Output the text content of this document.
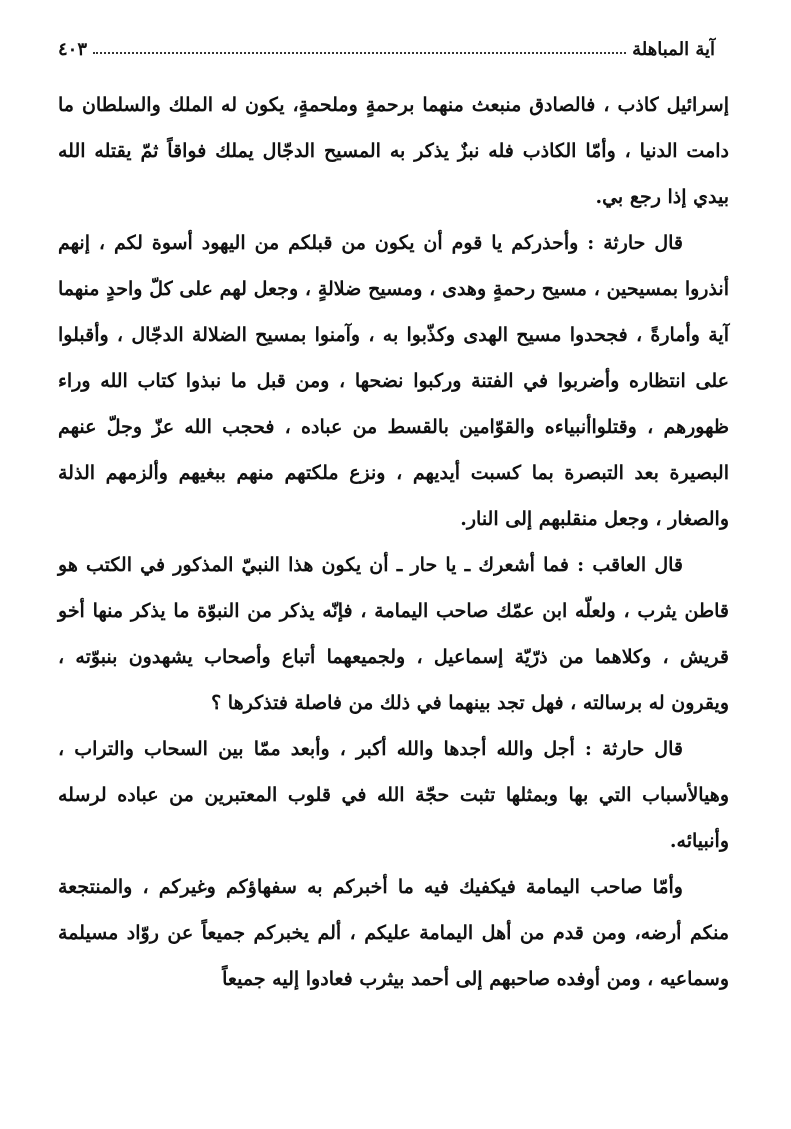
آية المباهلة
٤٠٣

إسرائيل كاذب ، فالصادق منبعث منهما برحمةٍ وملحمةٍ، يكون له الملك والسلطان ما دامت الدنيا ، وأمّا الكاذب فله نبزٌ يذكر به المسيح الدجّال يملك فواقاً ثمّ يقتله الله بيدي إذا رجع بي.

قال حارثة : وأحذركم يا قوم أن يكون من قبلكم من اليهود أسوة لكم ، إنهم أنذروا بمسيحين ، مسيح رحمةٍ وهدى ، ومسيح ضلالةٍ ، وجعل لهم على كلّ واحدٍ منهما آية وأمارةً ، فجحدوا مسيح الهدى وكذّبوا به ، وآمنوا بمسيح الضلالة الدجّال ، وأقبلوا على انتظاره وأضربوا في الفتنة وركبوا نضحها ، ومن قبل ما نبذوا كتاب الله وراء ظهورهم ، وقتلواأنبياءه والقوّامين بالقسط من عباده ، فحجب الله عزّ وجلّ عنهم البصيرة بعد التبصرة بما كسبت أيديهم ، ونزع ملكتهم منهم ببغيهم وألزمهم الذلة والصغار ، وجعل منقلبهم إلى النار.

قال العاقب : فما أشعرك ـ يا حار ـ أن يكون هذا النبيّ المذكور في الكتب هو قاطن يثرب ، ولعلّه ابن عمّك صاحب اليمامة ، فإنّه يذكر من النبوّة ما يذكر منها أخو قريش ، وكلاهما من ذرّيّة إسماعيل ، ولجميعهما أتباع وأصحاب يشهدون بنبوّته ، ويقرون له برسالته ، فهل تجد بينهما في ذلك من فاصلة فتذكرها ؟

قال حارثة : أجل والله أجدها والله أكبر ، وأبعد ممّا بين السحاب والتراب ، وهيالأسباب التي بها وبمثلها تثبت حجّة الله في قلوب المعتبرين من عباده لرسله وأنبيائه.

وأمّا صاحب اليمامة فيكفيك فيه ما أخبركم به سفهاؤكم وغيركم ، والمنتجعة منكم أرضه، ومن قدم من أهل اليمامة عليكم ، ألم يخبركم جميعاً عن روّاد مسيلمة وسماعيه ، ومن أوفده صاحبهم إلى أحمد بيثرب فعادوا إليه جميعاً
